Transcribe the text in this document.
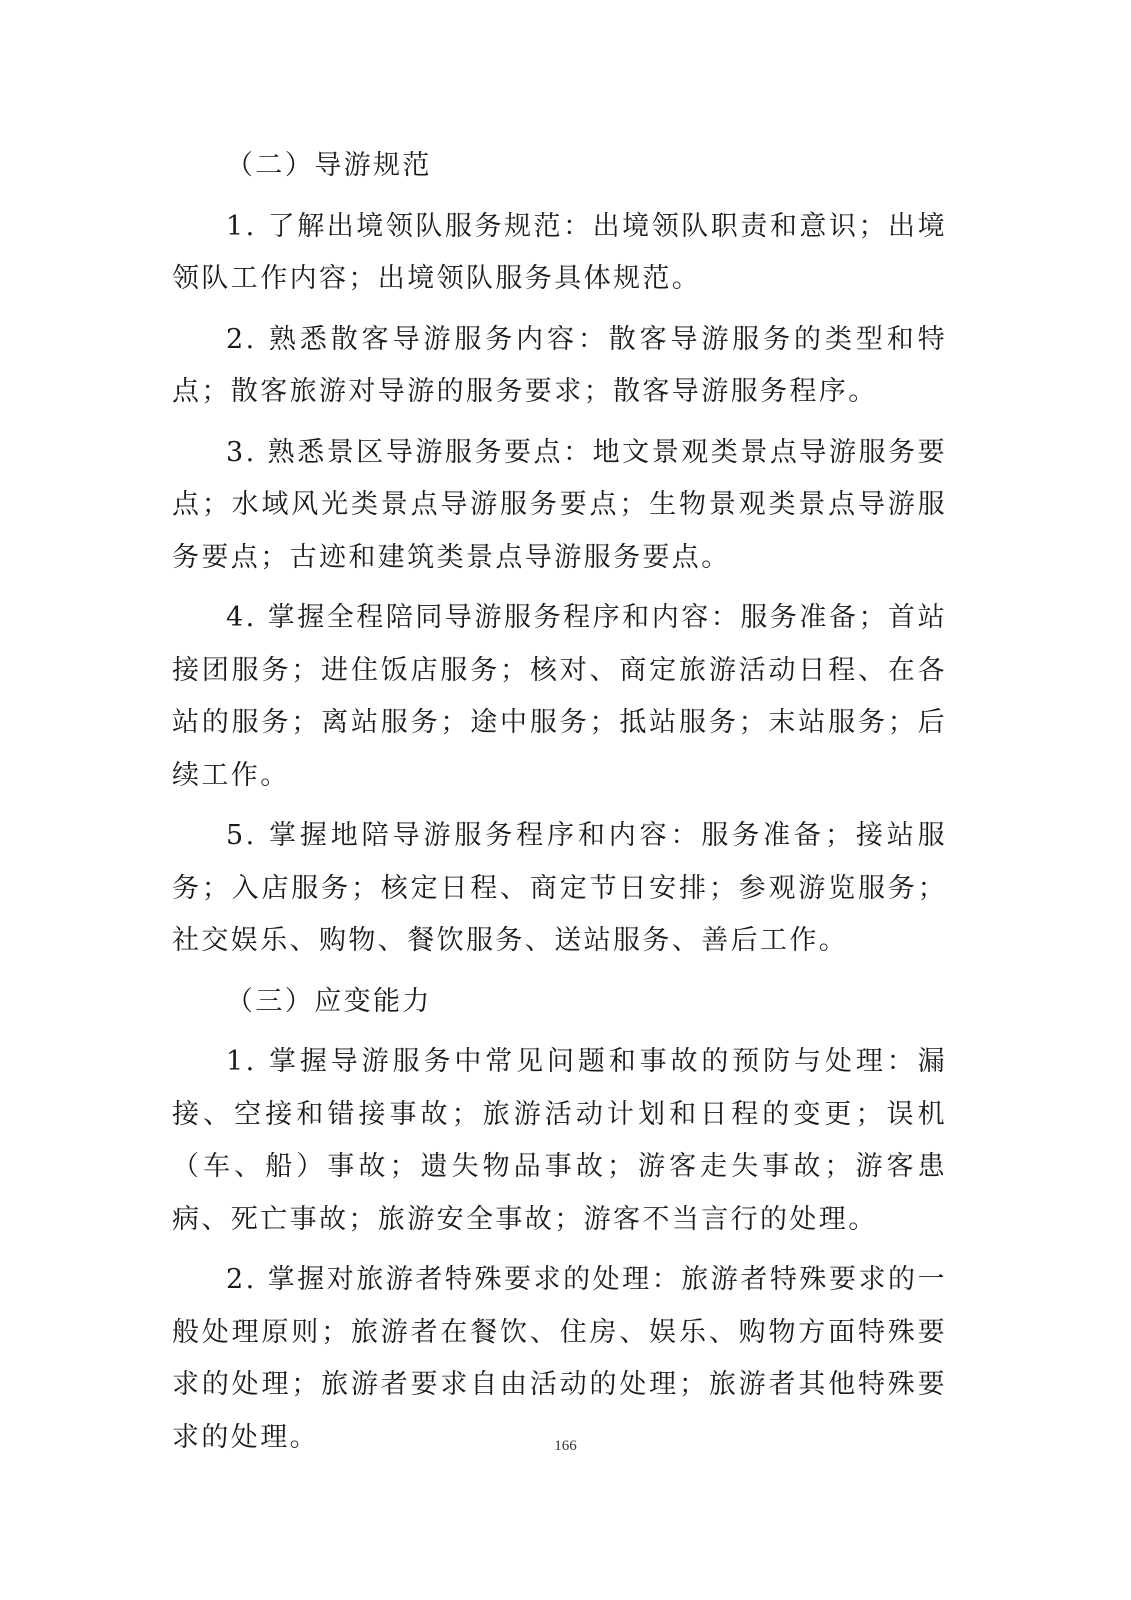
（二）导游规范

1. 了解出境领队服务规范：出境领队职责和意识；出境领队工作内容；出境领队服务具体规范。

2. 熟悉散客导游服务内容：散客导游服务的类型和特点；散客旅游对导游的服务要求；散客导游服务程序。

3. 熟悉景区导游服务要点：地文景观类景点导游服务要点；水域风光类景点导游服务要点；生物景观类景点导游服务要点；古迹和建筑类景点导游服务要点。

4. 掌握全程陪同导游服务程序和内容：服务准备；首站接团服务；进住饭店服务；核对、商定旅游活动日程、在各站的服务；离站服务；途中服务；抵站服务；末站服务；后续工作。

5. 掌握地陪导游服务程序和内容：服务准备；接站服务；入店服务；核定日程、商定节日安排；参观游览服务；社交娱乐、购物、餐饮服务、送站服务、善后工作。

（三）应变能力

1. 掌握导游服务中常见问题和事故的预防与处理：漏接、空接和错接事故；旅游活动计划和日程的变更；误机（车、船）事故；遗失物品事故；游客走失事故；游客患病、死亡事故；旅游安全事故；游客不当言行的处理。

2. 掌握对旅游者特殊要求的处理：旅游者特殊要求的一般处理原则；旅游者在餐饮、住房、娱乐、购物方面特殊要求的处理；旅游者要求自由活动的处理；旅游者其他特殊要求的处理。	166
